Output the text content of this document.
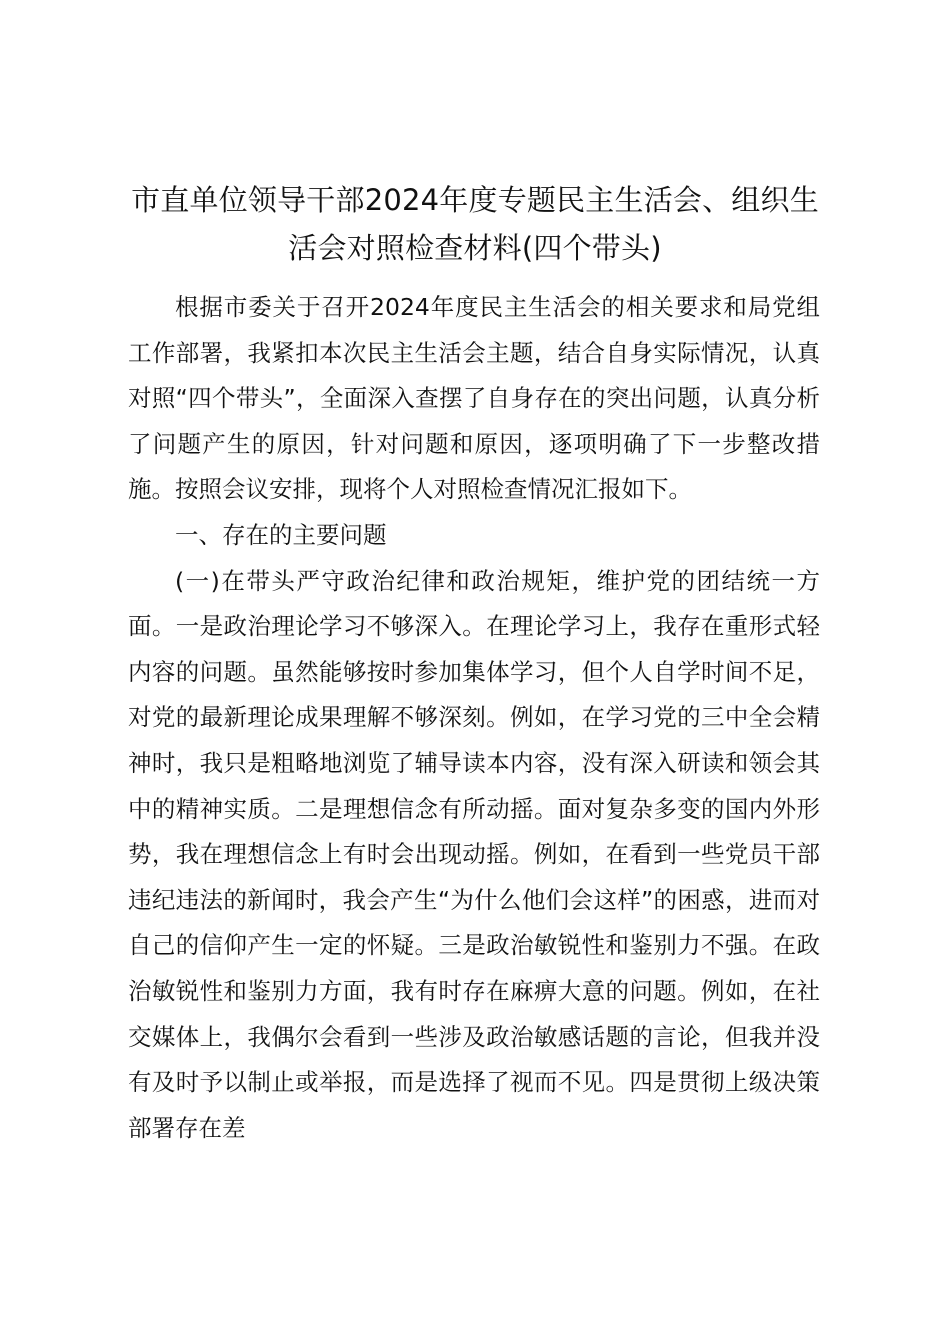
市直单位领导干部2024年度专题民主生活会、组织生活会对照检查材料(四个带头)

根据市委关于召开2024年度民主生活会的相关要求和局党组工作部署，我紧扣本次民主生活会主题，结合自身实际情况，认真对照“四个带头”，全面深入查摆了自身存在的突出问题，认真分析了问题产生的原因，针对问题和原因，逐项明确了下一步整改措施。按照会议安排，现将个人对照检查情况汇报如下。

一、存在的主要问题

(一)在带头严守政治纪律和政治规矩，维护党的团结统一方面。一是政治理论学习不够深入。在理论学习上，我存在重形式轻内容的问题。虽然能够按时参加集体学习，但个人自学时间不足，对党的最新理论成果理解不够深刻。例如，在学习党的三中全会精神时，我只是粗略地浏览了辅导读本内容，没有深入研读和领会其中的精神实质。二是理想信念有所动摇。面对复杂多变的国内外形势，我在理想信念上有时会出现动摇。例如，在看到一些党员干部违纪违法的新闻时，我会产生“为什么他们会这样”的困惑，进而对自己的信仰产生一定的怀疑。三是政治敏锐性和鉴别力不强。在政治敏锐性和鉴别力方面，我有时存在麻痹大意的问题。例如，在社交媒体上，我偶尔会看到一些涉及政治敏感话题的言论，但我并没有及时予以制止或举报，而是选择了视而不见。四是贯彻上级决策部署存在差
